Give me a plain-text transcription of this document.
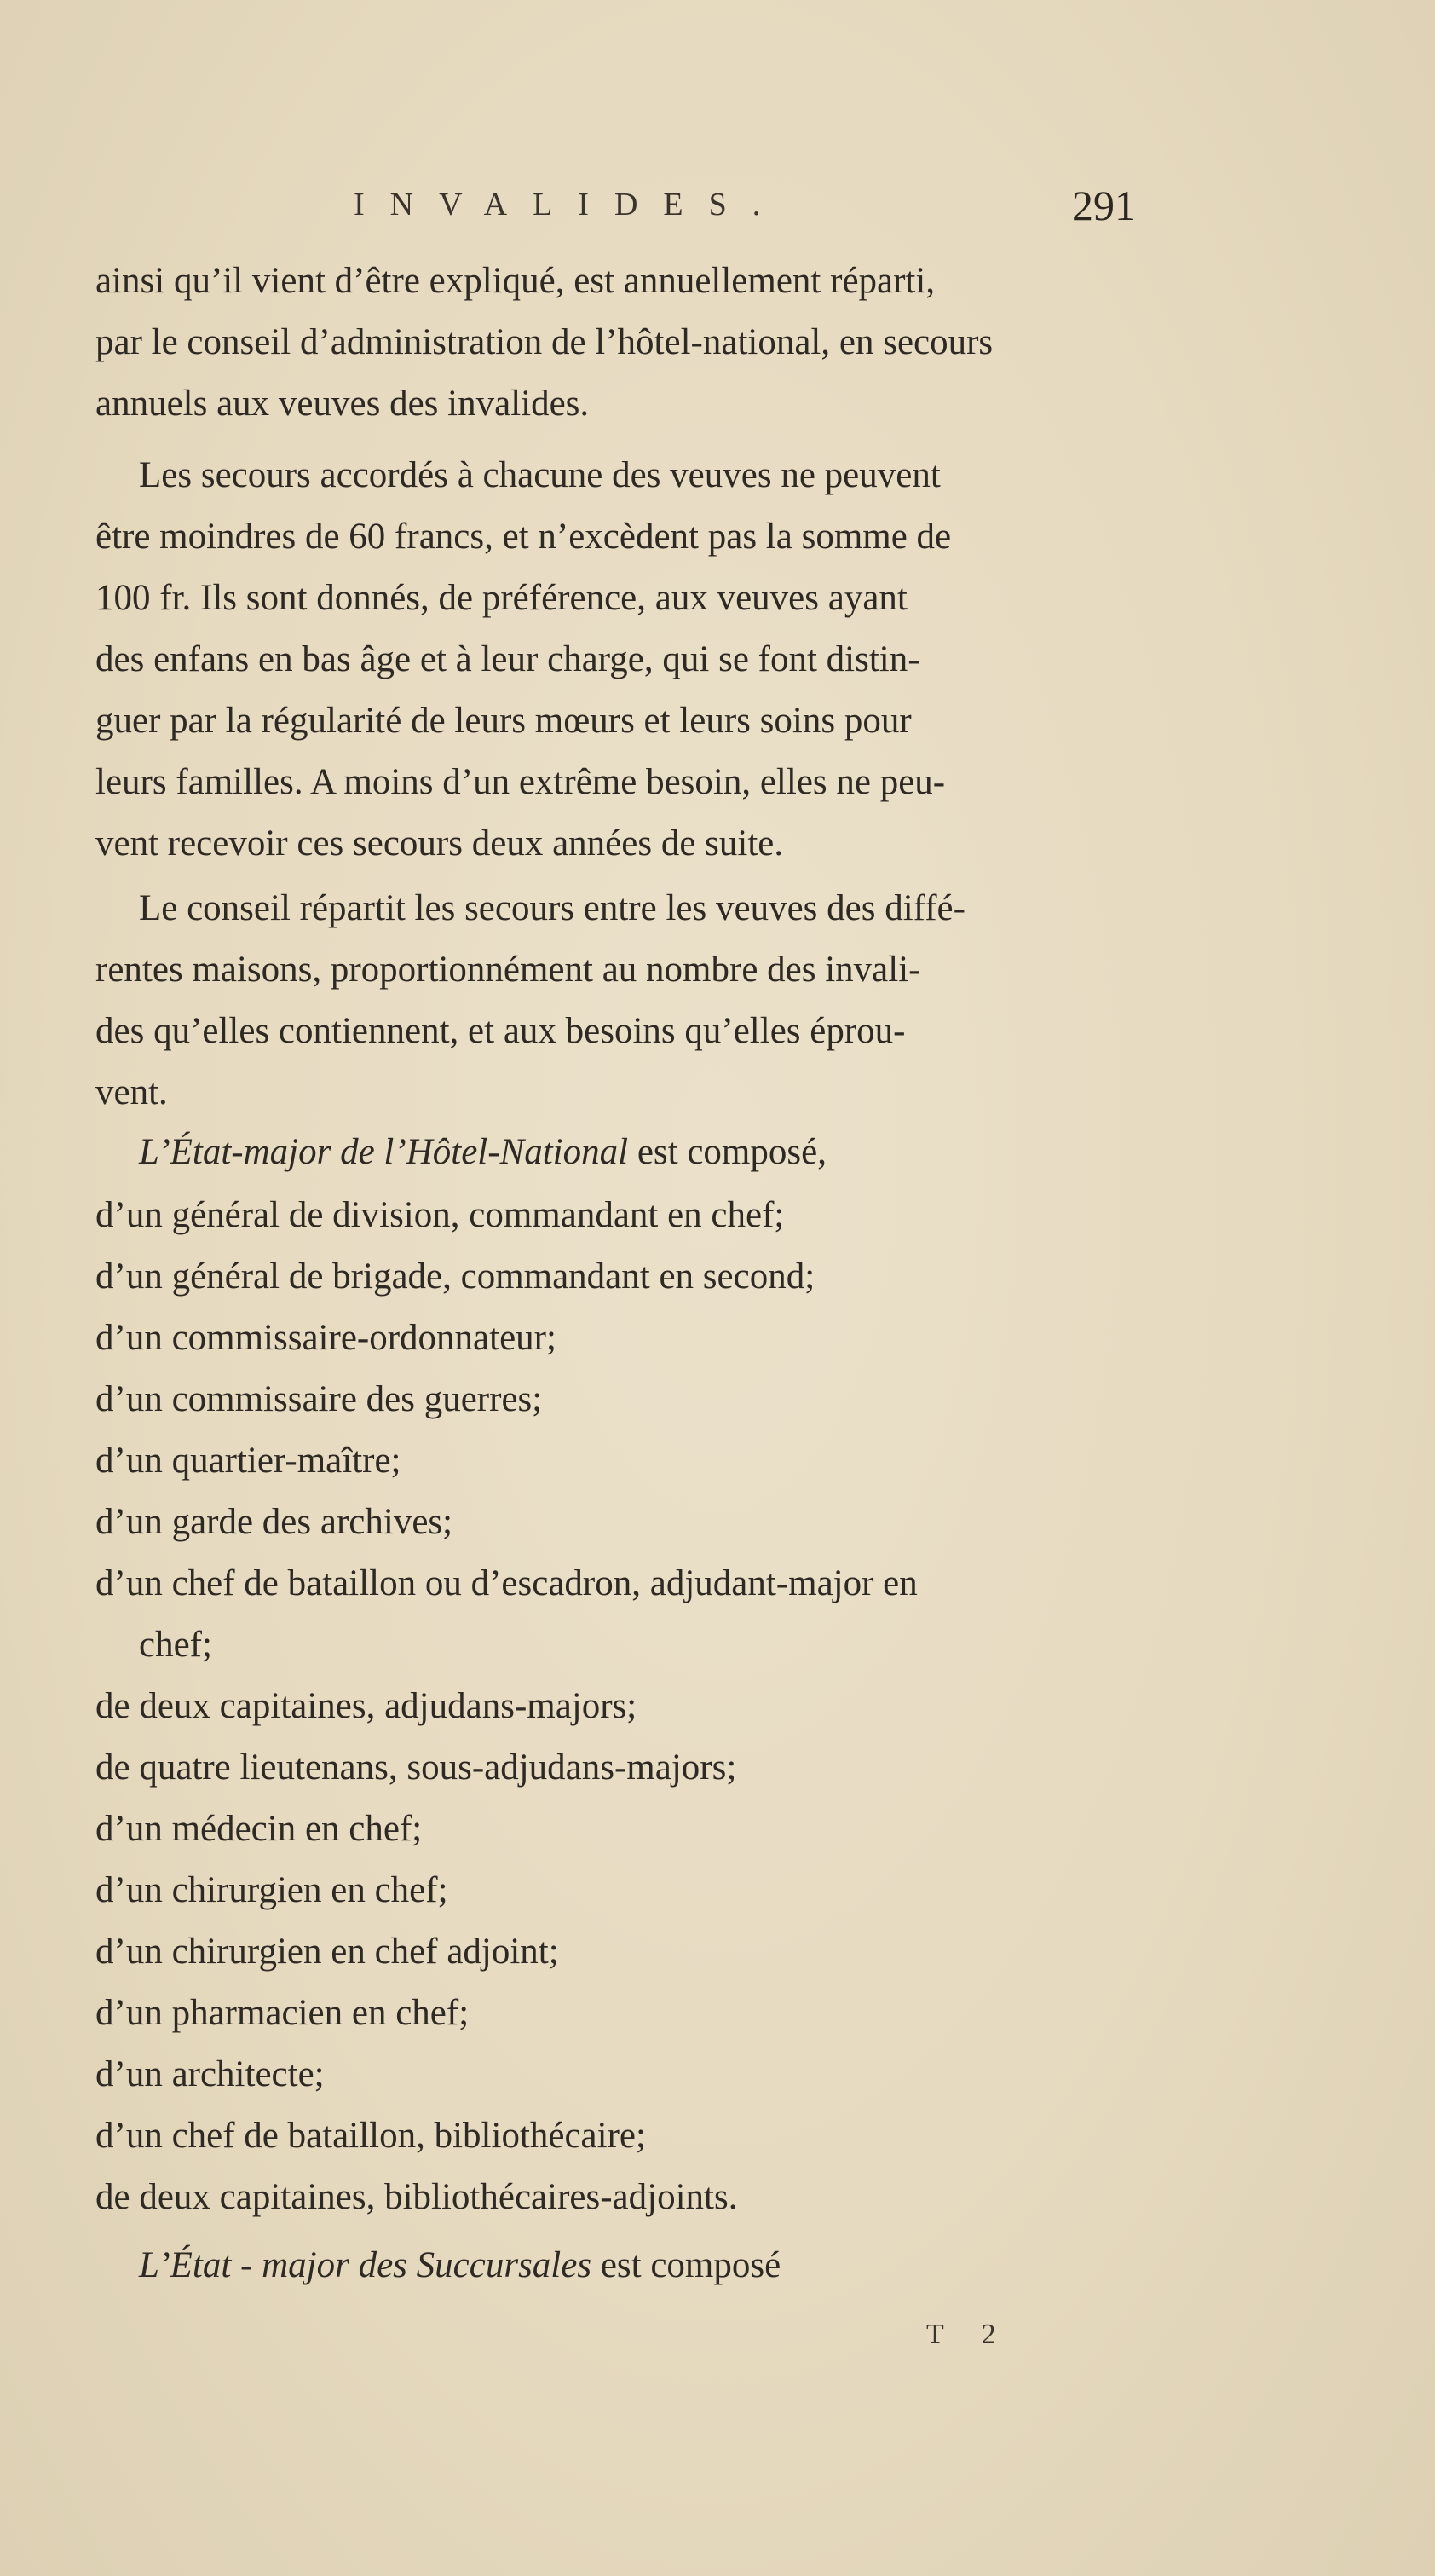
INVALIDES.	291
ainsi qu’il vient d’être expliqué, est annuellement réparti,
par le conseil d’administration de l’hôtel-national, en secours
annuels aux veuves des invalides.
Les secours accordés à chacune des veuves ne peuvent
être moindres de 60 francs, et n’excèdent pas la somme de
100 fr. Ils sont donnés, de préférence, aux veuves ayant
des enfans en bas âge et à leur charge, qui se font distin-
guer par la régularité de leurs mœurs et leurs soins pour
leurs familles. A moins d’un extrême besoin, elles ne peu-
vent recevoir ces secours deux années de suite.
Le conseil répartit les secours entre les veuves des diffé-
rentes maisons, proportionnément au nombre des invali-
des qu’elles contiennent, et aux besoins qu’elles éprou-
vent.
L’État-major de l’Hôtel-National est composé,
d’un général de division, commandant en chef;
d’un général de brigade, commandant en second;
d’un commissaire-ordonnateur;
d’un commissaire des guerres;
d’un quartier-maître;
d’un garde des archives;
d’un chef de bataillon ou d’escadron, adjudant-major en
chef;
de deux capitaines, adjudans-majors;
de quatre lieutenans, sous-adjudans-majors;
d’un médecin en chef;
d’un chirurgien en chef;
d’un chirurgien en chef adjoint;
d’un pharmacien en chef;
d’un architecte;
d’un chef de bataillon, bibliothécaire;
de deux capitaines, bibliothécaires-adjoints.
L’État - major des Succursales est composé
T 2
